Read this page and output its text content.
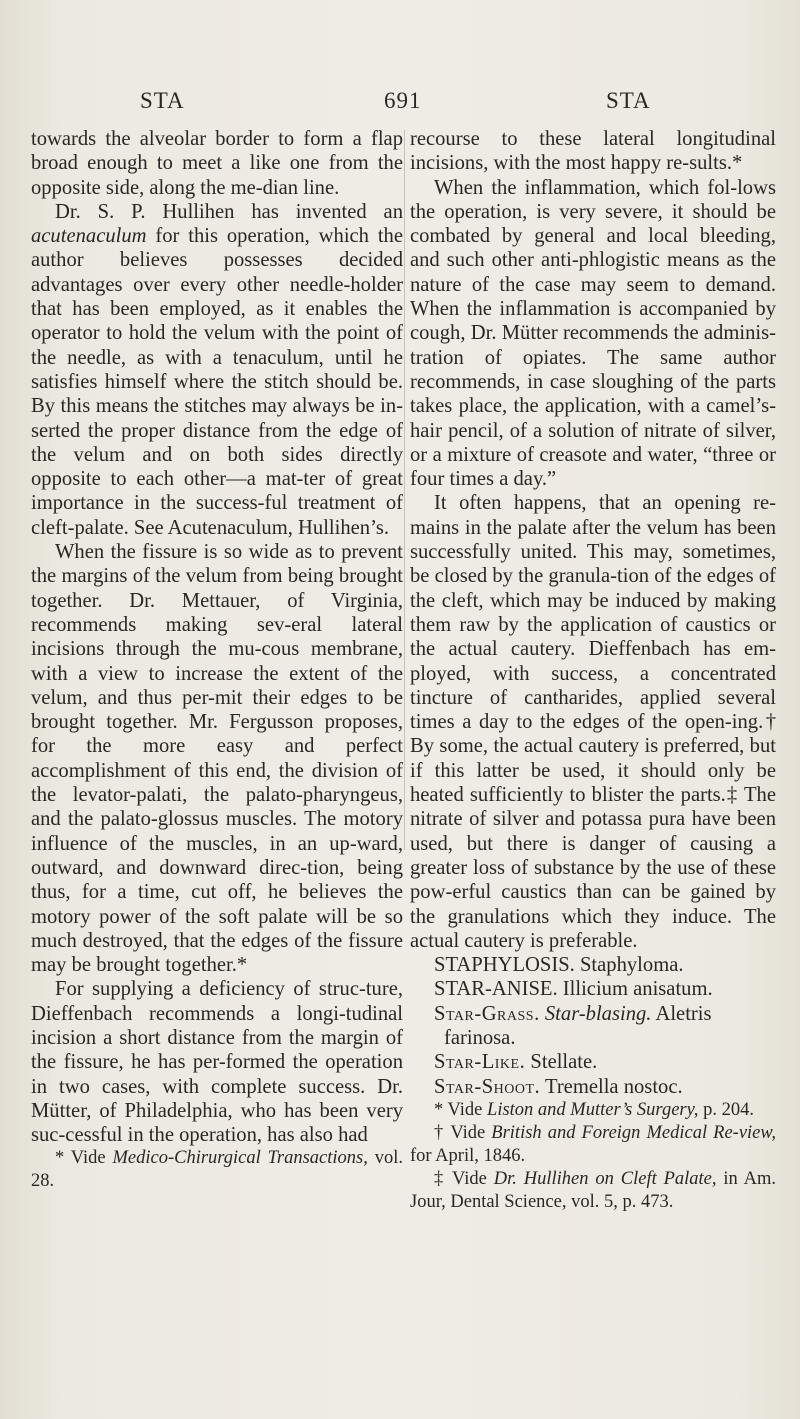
STA	691	STA

towards the alveolar border to form a flap broad enough to meet a like one from the opposite side, along the me-dian line.

Dr. S. P. Hullihen has invented an acutenaculum for this operation, which the author believes possesses decided advantages over every other needle-holder that has been employed, as it enables the operator to hold the velum with the point of the needle, as with a tenaculum, until he satisfies himself where the stitch should be. By this means the stitches may always be in-serted the proper distance from the edge of the velum and on both sides directly opposite to each other—a mat-ter of great importance in the success-ful treatment of cleft-palate. See Acutenaculum, Hullihen’s.

When the fissure is so wide as to prevent the margins of the velum from being brought together. Dr. Mettauer, of Virginia, recommends making sev-eral lateral incisions through the mu-cous membrane, with a view to increase the extent of the velum, and thus per-mit their edges to be brought together. Mr. Fergusson proposes, for the more easy and perfect accomplishment of this end, the division of the levator-palati, the palato-pharyngeus, and the palato-glossus muscles. The motory influence of the muscles, in an up-ward, outward, and downward direc-tion, being thus, for a time, cut off, he believes the motory power of the soft palate will be so much destroyed, that the edges of the fissure may be brought together.*

For supplying a deficiency of struc-ture, Dieffenbach recommends a longi-tudinal incision a short distance from the margin of the fissure, he has per-formed the operation in two cases, with complete success. Dr. Mütter, of Philadelphia, who has been very suc-cessful in the operation, has also had

* Vide Medico-Chirurgical Transactions, vol. 28.

recourse to these lateral longitudinal incisions, with the most happy re-sults.*

When the inflammation, which fol-lows the operation, is very severe, it should be combated by general and local bleeding, and such other anti-phlogistic means as the nature of the case may seem to demand. When the inflammation is accompanied by cough, Dr. Mütter recommends the adminis-tration of opiates. The same author recommends, in case sloughing of the parts takes place, the application, with a camel’s-hair pencil, of a solution of nitrate of silver, or a mixture of creasote and water, “three or four times a day.”

It often happens, that an opening re-mains in the palate after the velum has been successfully united. This may, sometimes, be closed by the granula-tion of the edges of the cleft, which may be induced by making them raw by the application of caustics or the actual cautery. Dieffenbach has em-ployed, with success, a concentrated tincture of cantharides, applied several times a day to the edges of the open-ing.† By some, the actual cautery is preferred, but if this latter be used, it should only be heated sufficiently to blister the parts.‡ The nitrate of silver and potassa pura have been used, but there is danger of causing a greater loss of substance by the use of these pow-erful caustics than can be gained by the granulations which they induce. The actual cautery is preferable.

STAPHYLOSIS. Staphyloma.

STAR-ANISE. Illicium anisatum.

Star-Grass. Star-blasing. Aletris farinosa.

Star-Like. Stellate.

Star-Shoot. Tremella nostoc.

* Vide Liston and Mutter’s Surgery, p. 204.

† Vide British and Foreign Medical Re-view, for April, 1846.

‡ Vide Dr. Hullihen on Cleft Palate, in Am. Jour, Dental Science, vol. 5, p. 473.
